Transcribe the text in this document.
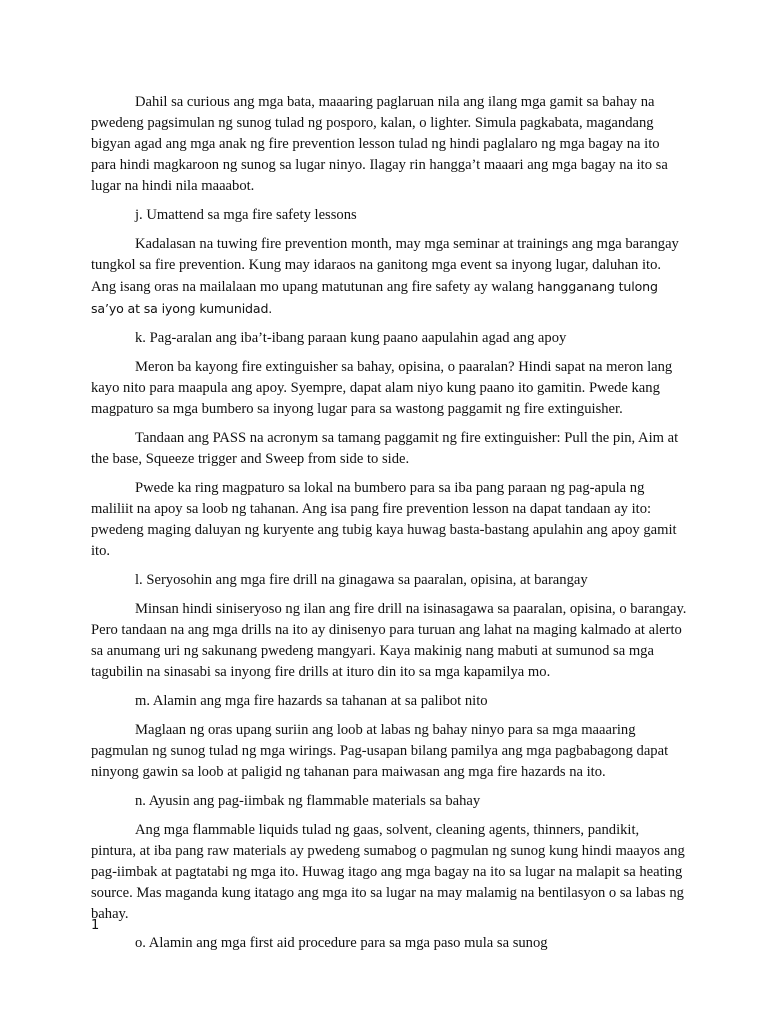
Dahil sa curious ang mga bata, maaaring paglaruan nila ang ilang mga gamit sa bahay na pwedeng pagsimulan ng sunog tulad ng posporo, kalan, o lighter. Simula pagkabata, magandang bigyan agad ang mga anak ng fire prevention lesson tulad ng hindi paglalaro ng mga bagay na ito para hindi magkaroon ng sunog sa lugar ninyo. Ilagay rin hangga’t maaari ang mga bagay na ito sa lugar na hindi nila maaabot.

j. Umattend sa mga fire safety lessons

Kadalasan na tuwing fire prevention month, may mga seminar at trainings ang mga barangay tungkol sa fire prevention. Kung may idaraos na ganitong mga event sa inyong lugar, daluhan ito. Ang isang oras na mailalaan mo upang matutunan ang fire safety ay walang hangganang tulong sa’yo at sa iyong kumunidad.

k. Pag-aralan ang iba’t-ibang paraan kung paano aapulahin agad ang apoy

Meron ba kayong fire extinguisher sa bahay, opisina, o paaralan? Hindi sapat na meron lang kayo nito para maapula ang apoy. Syempre, dapat alam niyo kung paano ito gamitin. Pwede kang magpaturo sa mga bumbero sa inyong lugar para sa wastong paggamit ng fire extinguisher.

Tandaan ang PASS na acronym sa tamang paggamit ng fire extinguisher: Pull the pin, Aim at the base, Squeeze trigger and Sweep from side to side.

Pwede ka ring magpaturo sa lokal na bumbero para sa iba pang paraan ng pag-apula ng maliliit na apoy sa loob ng tahanan. Ang isa pang fire prevention lesson na dapat tandaan ay ito: pwedeng maging daluyan ng kuryente ang tubig kaya huwag basta-bastang apulahin ang apoy gamit ito.

l. Seryosohin ang mga fire drill na ginagawa sa paaralan, opisina, at barangay

Minsan hindi siniseryoso ng ilan ang fire drill na isinasagawa sa paaralan, opisina, o barangay. Pero tandaan na ang mga drills na ito ay dinisenyo para turuan ang lahat na maging kalmado at alerto sa anumang uri ng sakunang pwedeng mangyari. Kaya makinig nang mabuti at sumunod sa mga tagubilin na sinasabi sa inyong fire drills at ituro din ito sa mga kapamilya mo.

m. Alamin ang mga fire hazards sa tahanan at sa palibot nito

Maglaan ng oras upang suriin ang loob at labas ng bahay ninyo para sa mga maaaring pagmulan ng sunog tulad ng mga wirings. Pag-usapan bilang pamilya ang mga pagbabagong dapat ninyong gawin sa loob at paligid ng tahanan para maiwasan ang mga fire hazards na ito.

n. Ayusin ang pag-iimbak ng flammable materials sa bahay

Ang mga flammable liquids tulad ng gaas, solvent, cleaning agents, thinners, pandikit, pintura, at iba pang raw materials ay pwedeng sumabog o pagmulan ng sunog kung hindi maayos ang pag-iimbak at pagtatabi ng mga ito. Huwag itago ang mga bagay na ito sa lugar na malapit sa heating source. Mas maganda kung itatago ang mga ito sa lugar na may malamig na bentilasyon o sa labas ng bahay.

o. Alamin ang mga first aid procedure para sa mga paso mula sa sunog

1
